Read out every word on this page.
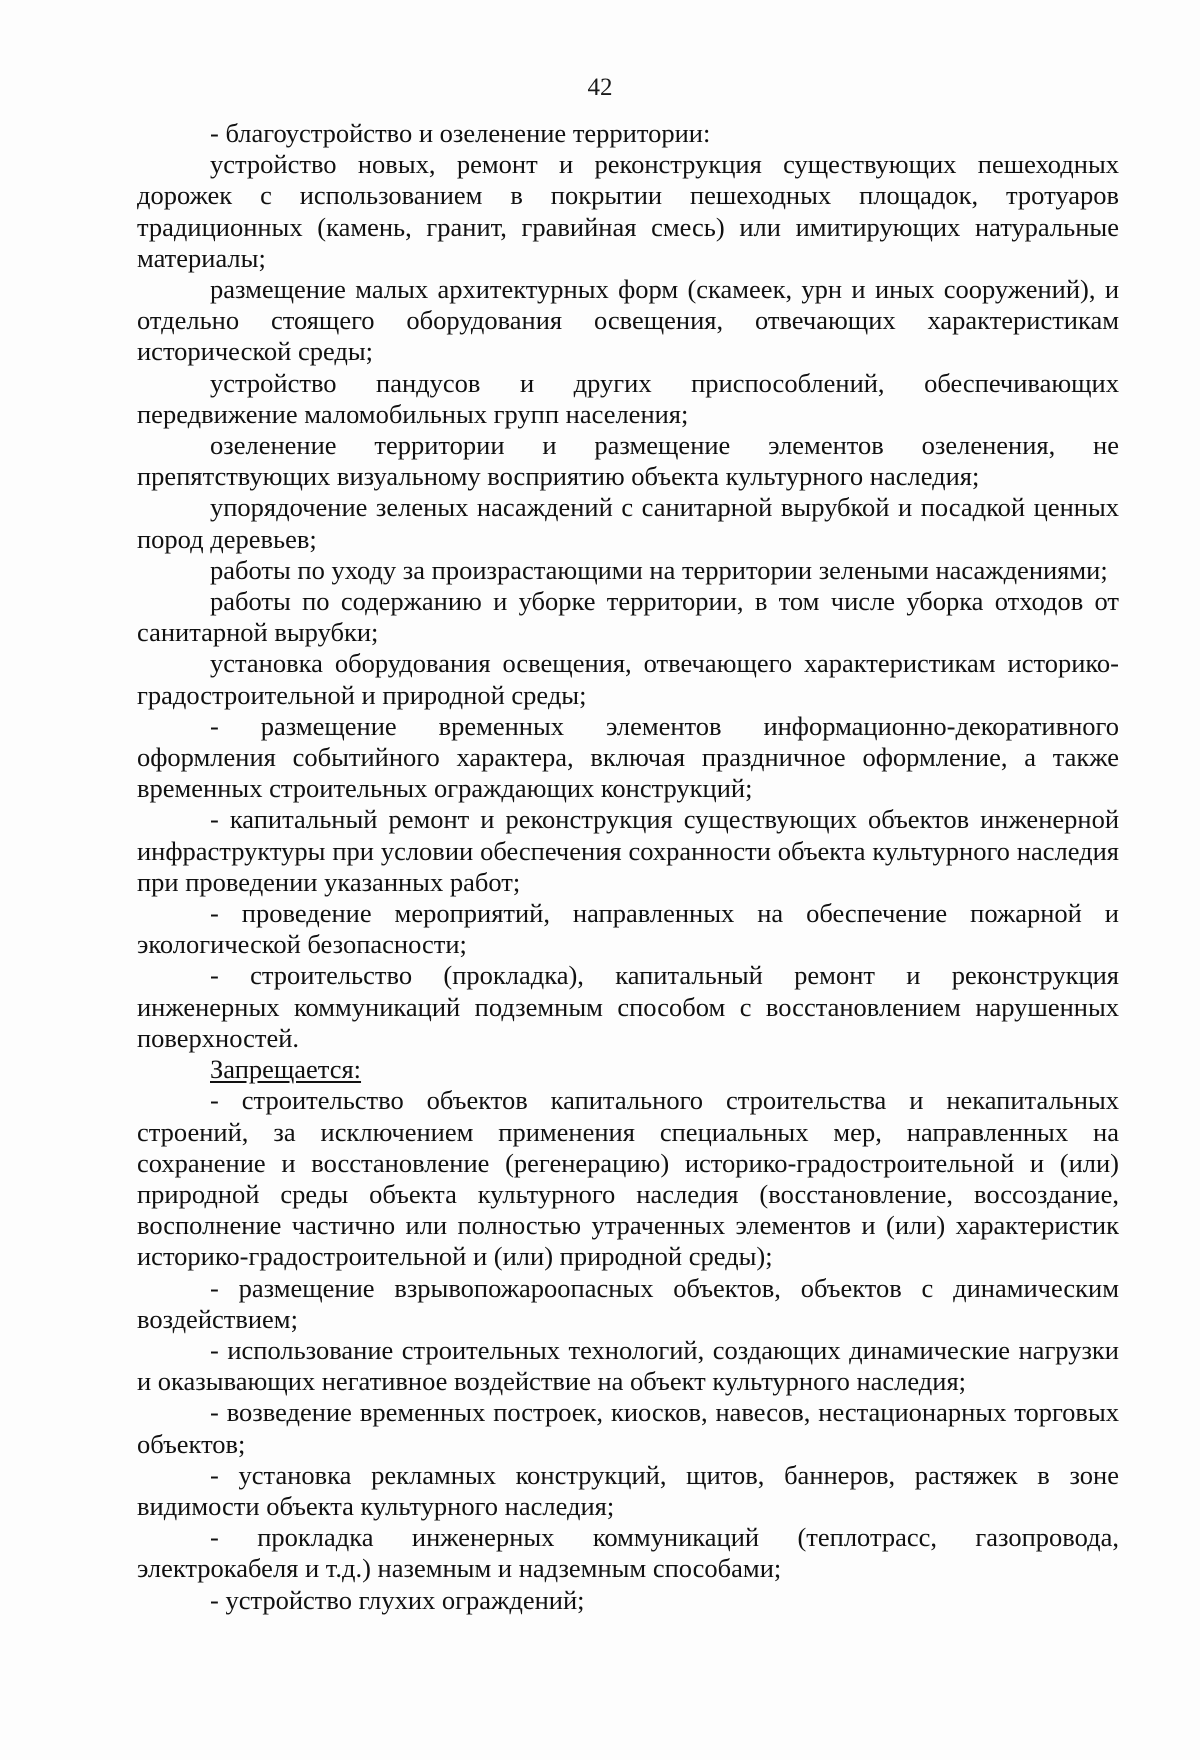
42

- благоустройство и озеленение территории:

устройство новых, ремонт и реконструкция существующих пешеходных дорожек с использованием в покрытии пешеходных площадок, тротуаров традиционных (камень, гранит, гравийная смесь) или имитирующих натуральные материалы;

размещение малых архитектурных форм (скамеек, урн и иных сооружений), и отдельно стоящего оборудования освещения, отвечающих характеристикам исторической среды;

устройство пандусов и других приспособлений, обеспечивающих передвижение маломобильных групп населения;

озеленение территории и размещение элементов озеленения, не препятствующих визуальному восприятию объекта культурного наследия;

упорядочение зеленых насаждений с санитарной вырубкой и посадкой ценных пород деревьев;

работы по уходу за произрастающими на территории зелеными насаждениями;

работы по содержанию и уборке территории, в том числе уборка отходов от санитарной вырубки;

установка оборудования освещения, отвечающего характеристикам историко-градостроительной и природной среды;

- размещение временных элементов информационно-декоративного оформления событийного характера, включая праздничное оформление, а также временных строительных ограждающих конструкций;

- капитальный ремонт и реконструкция существующих объектов инженерной инфраструктуры при условии обеспечения сохранности объекта культурного наследия при проведении указанных работ;

- проведение мероприятий, направленных на обеспечение пожарной и экологической безопасности;

- строительство (прокладка), капитальный ремонт и реконструкция инженерных коммуникаций подземным способом с восстановлением нарушенных поверхностей.

Запрещается:

- строительство объектов капитального строительства и некапитальных строений, за исключением применения специальных мер, направленных на сохранение и восстановление (регенерацию) историко-градостроительной и (или) природной среды объекта культурного наследия (восстановление, воссоздание, восполнение частично или полностью утраченных элементов и (или) характеристик историко-градостроительной и (или) природной среды);

- размещение взрывопожароопасных объектов, объектов с динамическим воздействием;

- использование строительных технологий, создающих динамические нагрузки и оказывающих негативное воздействие на объект культурного наследия;

- возведение временных построек, киосков, навесов, нестационарных торговых объектов;

- установка рекламных конструкций, щитов, баннеров, растяжек в зоне видимости объекта культурного наследия;

- прокладка инженерных коммуникаций (теплотрасс, газопровода, электрокабеля и т.д.) наземным и надземным способами;

- устройство глухих ограждений;
